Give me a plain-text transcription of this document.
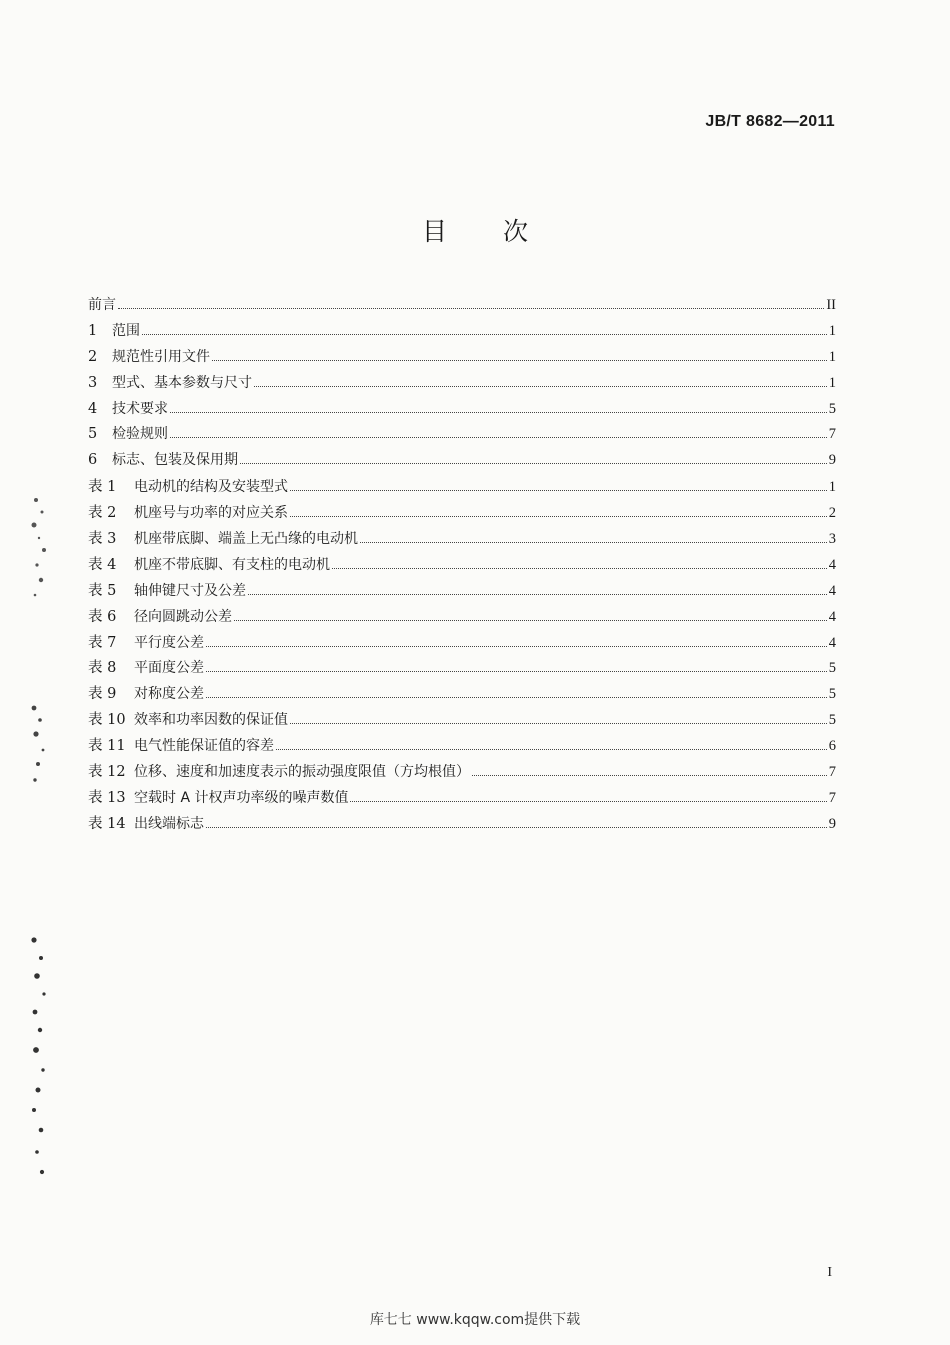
JB/T 8682—2011
目次
前言	II
1	范围	1
2	规范性引用文件	1
3	型式、基本参数与尺寸	1
4	技术要求	5
5	检验规则	7
6	标志、包装及保用期	9
表 1	电动机的结构及安装型式	1
表 2	机座号与功率的对应关系	2
表 3	机座带底脚、端盖上无凸缘的电动机	3
表 4	机座不带底脚、有支柱的电动机	4
表 5	轴伸键尺寸及公差	4
表 6	径向圆跳动公差	4
表 7	平行度公差	4
表 8	平面度公差	5
表 9	对称度公差	5
表 10 效率和功率因数的保证值	5
表 11 电气性能保证值的容差	6
表 12 位移、速度和加速度表示的振动强度限值（方均根值）	7
表 13 空载时 A 计权声功率级的噪声数值	7
表 14 出线端标志	9
I
库七七 www.kqqw.com提供下载
